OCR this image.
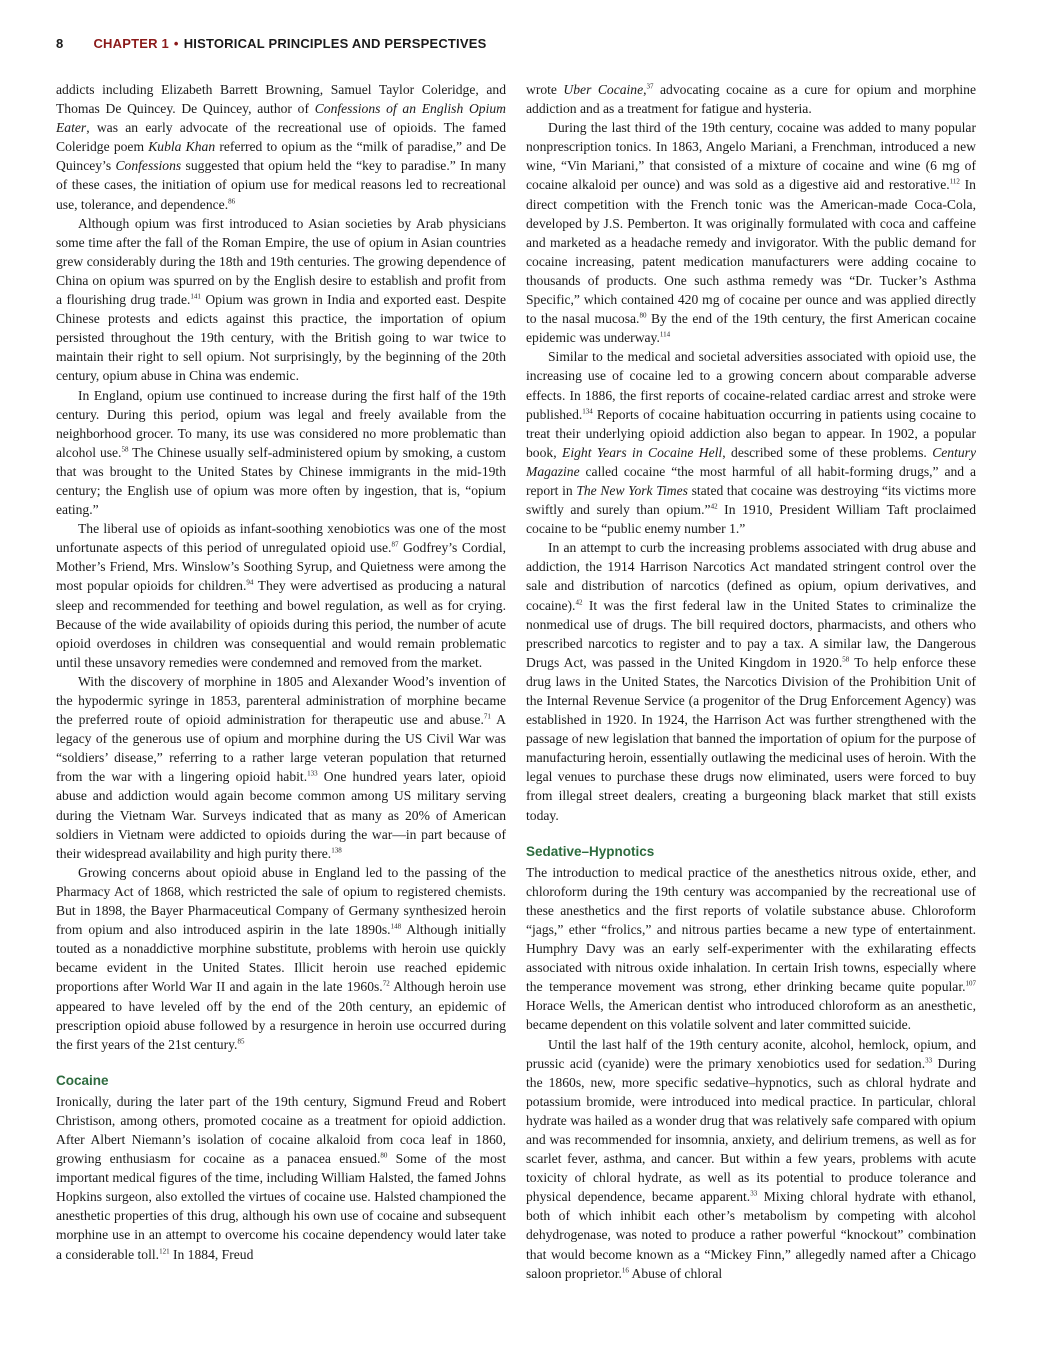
8 CHAPTER 1 • HISTORICAL PRINCIPLES AND PERSPECTIVES

addicts including Elizabeth Barrett Browning, Samuel Taylor Coleridge, and Thomas De Quincey. De Quincey, author of Confessions of an English Opium Eater, was an early advocate of the recreational use of opioids. The famed Coleridge poem Kubla Khan referred to opium as the “milk of paradise,” and De Quincey’s Confessions suggested that opium held the “key to paradise.” In many of these cases, the initiation of opium use for medical reasons led to recreational use, tolerance, and dependence.$^{86}$

Although opium was first introduced to Asian societies by Arab physicians some time after the fall of the Roman Empire, the use of opium in Asian countries grew considerably during the 18th and 19th centuries. The growing dependence of China on opium was spurred on by the English desire to establish and profit from a flourishing drug trade.$^{141}$ Opium was grown in India and exported east. Despite Chinese protests and edicts against this practice, the importation of opium persisted throughout the 19th century, with the British going to war twice to maintain their right to sell opium. Not surprisingly, by the beginning of the 20th century, opium abuse in China was endemic.

In England, opium use continued to increase during the first half of the 19th century. During this period, opium was legal and freely available from the neighborhood grocer. To many, its use was considered no more problematic than alcohol use.$^{58}$ The Chinese usually self-administered opium by smoking, a custom that was brought to the United States by Chinese immigrants in the mid-19th century; the English use of opium was more often by ingestion, that is, “opium eating.”

The liberal use of opioids as infant-soothing xenobiotics was one of the most unfortunate aspects of this period of unregulated opioid use.$^{87}$ Godfrey’s Cordial, Mother’s Friend, Mrs. Winslow’s Soothing Syrup, and Quietness were among the most popular opioids for children.$^{94}$ They were advertised as producing a natural sleep and recommended for teething and bowel regulation, as well as for crying. Because of the wide availability of opioids during this period, the number of acute opioid overdoses in children was consequential and would remain problematic until these unsavory remedies were condemned and removed from the market.

With the discovery of morphine in 1805 and Alexander Wood’s invention of the hypodermic syringe in 1853, parenteral administration of morphine became the preferred route of opioid administration for therapeutic use and abuse.$^{71}$ A legacy of the generous use of opium and morphine during the US Civil War was “soldiers’ disease,” referring to a rather large veteran population that returned from the war with a lingering opioid habit.$^{133}$ One hundred years later, opioid abuse and addiction would again become common among US military serving during the Vietnam War. Surveys indicated that as many as 20% of American soldiers in Vietnam were addicted to opioids during the war—in part because of their widespread availability and high purity there.$^{138}$

Growing concerns about opioid abuse in England led to the passing of the Pharmacy Act of 1868, which restricted the sale of opium to registered chemists. But in 1898, the Bayer Pharmaceutical Company of Germany synthesized heroin from opium and also introduced aspirin in the late 1890s.$^{148}$ Although initially touted as a nonaddictive morphine substitute, problems with heroin use quickly became evident in the United States. Illicit heroin use reached epidemic proportions after World War II and again in the late 1960s.$^{72}$ Although heroin use appeared to have leveled off by the end of the 20th century, an epidemic of prescription opioid abuse followed by a resurgence in heroin use occurred during the first years of the 21st century.$^{85}$

Cocaine

Ironically, during the later part of the 19th century, Sigmund Freud and Robert Christison, among others, promoted cocaine as a treatment for opioid addiction. After Albert Niemann’s isolation of cocaine alkaloid from coca leaf in 1860, growing enthusiasm for cocaine as a panacea ensued.$^{80}$ Some of the most important medical figures of the time, including William Halsted, the famed Johns Hopkins surgeon, also extolled the virtues of cocaine use. Halsted championed the anesthetic properties of this drug, although his own use of cocaine and subsequent morphine use in an attempt to overcome his cocaine dependency would later take a considerable toll.$^{121}$ In 1884, Freud

wrote Uber Cocaine,$^{37}$ advocating cocaine as a cure for opium and morphine addiction and as a treatment for fatigue and hysteria.

During the last third of the 19th century, cocaine was added to many popular nonprescription tonics. In 1863, Angelo Mariani, a Frenchman, introduced a new wine, “Vin Mariani,” that consisted of a mixture of cocaine and wine (6 mg of cocaine alkaloid per ounce) and was sold as a digestive aid and restorative.$^{112}$ In direct competition with the French tonic was the American-made Coca-Cola, developed by J.S. Pemberton. It was originally formulated with coca and caffeine and marketed as a headache remedy and invigorator. With the public demand for cocaine increasing, patent medication manufacturers were adding cocaine to thousands of products. One such asthma remedy was “Dr. Tucker’s Asthma Specific,” which contained 420 mg of cocaine per ounce and was applied directly to the nasal mucosa.$^{80}$ By the end of the 19th century, the first American cocaine epidemic was underway.$^{114}$

Similar to the medical and societal adversities associated with opioid use, the increasing use of cocaine led to a growing concern about comparable adverse effects. In 1886, the first reports of cocaine-related cardiac arrest and stroke were published.$^{134}$ Reports of cocaine habituation occurring in patients using cocaine to treat their underlying opioid addiction also began to appear. In 1902, a popular book, Eight Years in Cocaine Hell, described some of these problems. Century Magazine called cocaine “the most harmful of all habit-forming drugs,” and a report in The New York Times stated that cocaine was destroying “its victims more swiftly and surely than opium.”$^{42}$ In 1910, President William Taft proclaimed cocaine to be “public enemy number 1.”

In an attempt to curb the increasing problems associated with drug abuse and addiction, the 1914 Harrison Narcotics Act mandated stringent control over the sale and distribution of narcotics (defined as opium, opium derivatives, and cocaine).$^{42}$ It was the first federal law in the United States to criminalize the nonmedical use of drugs. The bill required doctors, pharmacists, and others who prescribed narcotics to register and to pay a tax. A similar law, the Dangerous Drugs Act, was passed in the United Kingdom in 1920.58 To help enforce these drug laws in the United States, the Narcotics Division of the Prohibition Unit of the Internal Revenue Service (a progenitor of the Drug Enforcement Agency) was established in 1920. In 1924, the Harrison Act was further strengthened with the passage of new legislation that banned the importation of opium for the purpose of manufacturing heroin, essentially outlawing the medicinal uses of heroin. With the legal venues to purchase these drugs now eliminated, users were forced to buy from illegal street dealers, creating a burgeoning black market that still exists today.

Sedative–Hypnotics

The introduction to medical practice of the anesthetics nitrous oxide, ether, and chloroform during the 19th century was accompanied by the recreational use of these anesthetics and the first reports of volatile substance abuse. Chloroform “jags,” ether “frolics,” and nitrous parties became a new type of entertainment. Humphry Davy was an early self-experimenter with the exhilarating effects associated with nitrous oxide inhalation. In certain Irish towns, especially where the temperance movement was strong, ether drinking became quite popular.$^{107}$ Horace Wells, the American dentist who introduced chloroform as an anesthetic, became dependent on this volatile solvent and later committed suicide.

Until the last half of the 19th century aconite, alcohol, hemlock, opium, and prussic acid (cyanide) were the primary xenobiotics used for sedation.$^{33}$ During the 1860s, new, more specific sedative–hypnotics, such as chloral hydrate and potassium bromide, were introduced into medical practice. In particular, chloral hydrate was hailed as a wonder drug that was relatively safe compared with opium and was recommended for insomnia, anxiety, and delirium tremens, as well as for scarlet fever, asthma, and cancer. But within a few years, problems with acute toxicity of chloral hydrate, as well as its potential to produce tolerance and physical dependence, became apparent.$^{33}$ Mixing chloral hydrate with ethanol, both of which inhibit each other’s metabolism by competing with alcohol dehydrogenase, was noted to produce a rather powerful “knockout” combination that would become known as a “Mickey Finn,” allegedly named after a Chicago saloon proprietor.$^{16}$ Abuse of chloral
